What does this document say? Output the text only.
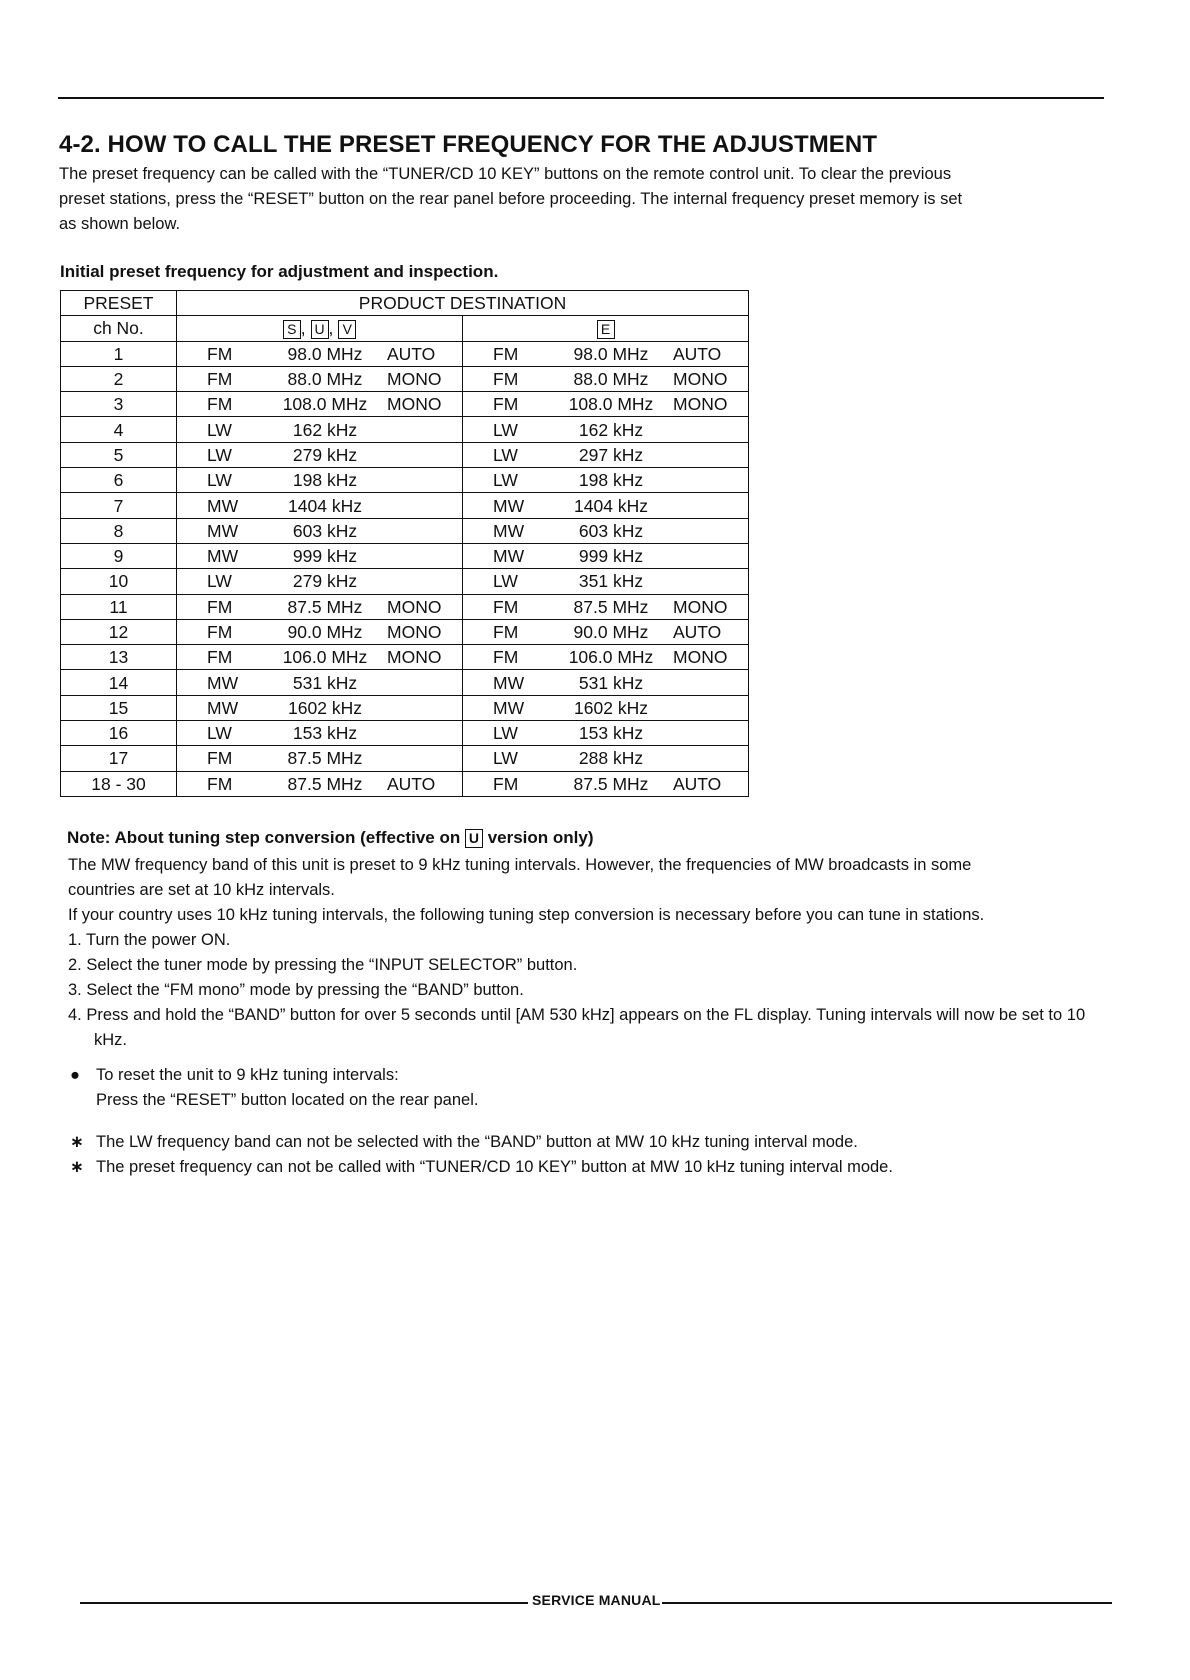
4-2. HOW TO CALL THE PRESET FREQUENCY FOR THE ADJUSTMENT
The preset frequency can be called with the “TUNER/CD 10 KEY” buttons on the remote control unit. To clear the previous
preset stations, press the “RESET” button on the rear panel before proceeding. The internal frequency preset memory is set
as shown below.

Initial preset frequency for adjustment and inspection.

PRESET	PRODUCT DESTINATION					
ch No.	S , U , V			E		
1	FM	98.0 MHz	AUTO	FM	98.0 MHz	AUTO
2	FM	88.0 MHz	MONO	FM	88.0 MHz	MONO
3	FM	108.0 MHz	MONO	FM	108.0 MHz	MONO
4	LW	162 kHz		LW	162 kHz	
5	LW	279 kHz		LW	297 kHz	
6	LW	198 kHz		LW	198 kHz	
7	MW	1404 kHz		MW	1404 kHz	
8	MW	603 kHz		MW	603 kHz	
9	MW	999 kHz		MW	999 kHz	
10	LW	279 kHz		LW	351 kHz	
11	FM	87.5 MHz	MONO	FM	87.5 MHz	MONO
12	FM	90.0 MHz	MONO	FM	90.0 MHz	AUTO
13	FM	106.0 MHz	MONO	FM	106.0 MHz	MONO
14	MW	531 kHz		MW	531 kHz	
15	MW	1602 kHz		MW	1602 kHz	
16	LW	153 kHz		LW	153 kHz	
17	FM	87.5 MHz		LW	288 kHz	
18 - 30	FM	87.5 MHz	AUTO	FM	87.5 MHz	AUTO

Note: About tuning step conversion (effective on U version only)

The MW frequency band of this unit is preset to 9 kHz tuning intervals. However, the frequencies of MW broadcasts in some
countries are set at 10 kHz intervals.
If your country uses 10 kHz tuning intervals, the following tuning step conversion is necessary before you can tune in stations.
1. Turn the power ON.
2. Select the tuner mode by pressing the “INPUT SELECTOR” button.
3. Select the “FM mono” mode by pressing the “BAND” button.
4. Press and hold the “BAND” button for over 5 seconds until [AM 530 kHz] appears on the FL display. Tuning intervals will now be set to 10 kHz.
● To reset the unit to 9 kHz tuning intervals:
Press the “RESET” button located on the rear panel.
∗ The LW frequency band can not be selected with the “BAND” button at MW 10 kHz tuning interval mode.
∗ The preset frequency can not be called with “TUNER/CD 10 KEY” button at MW 10 kHz tuning interval mode.
SERVICE MANUAL
